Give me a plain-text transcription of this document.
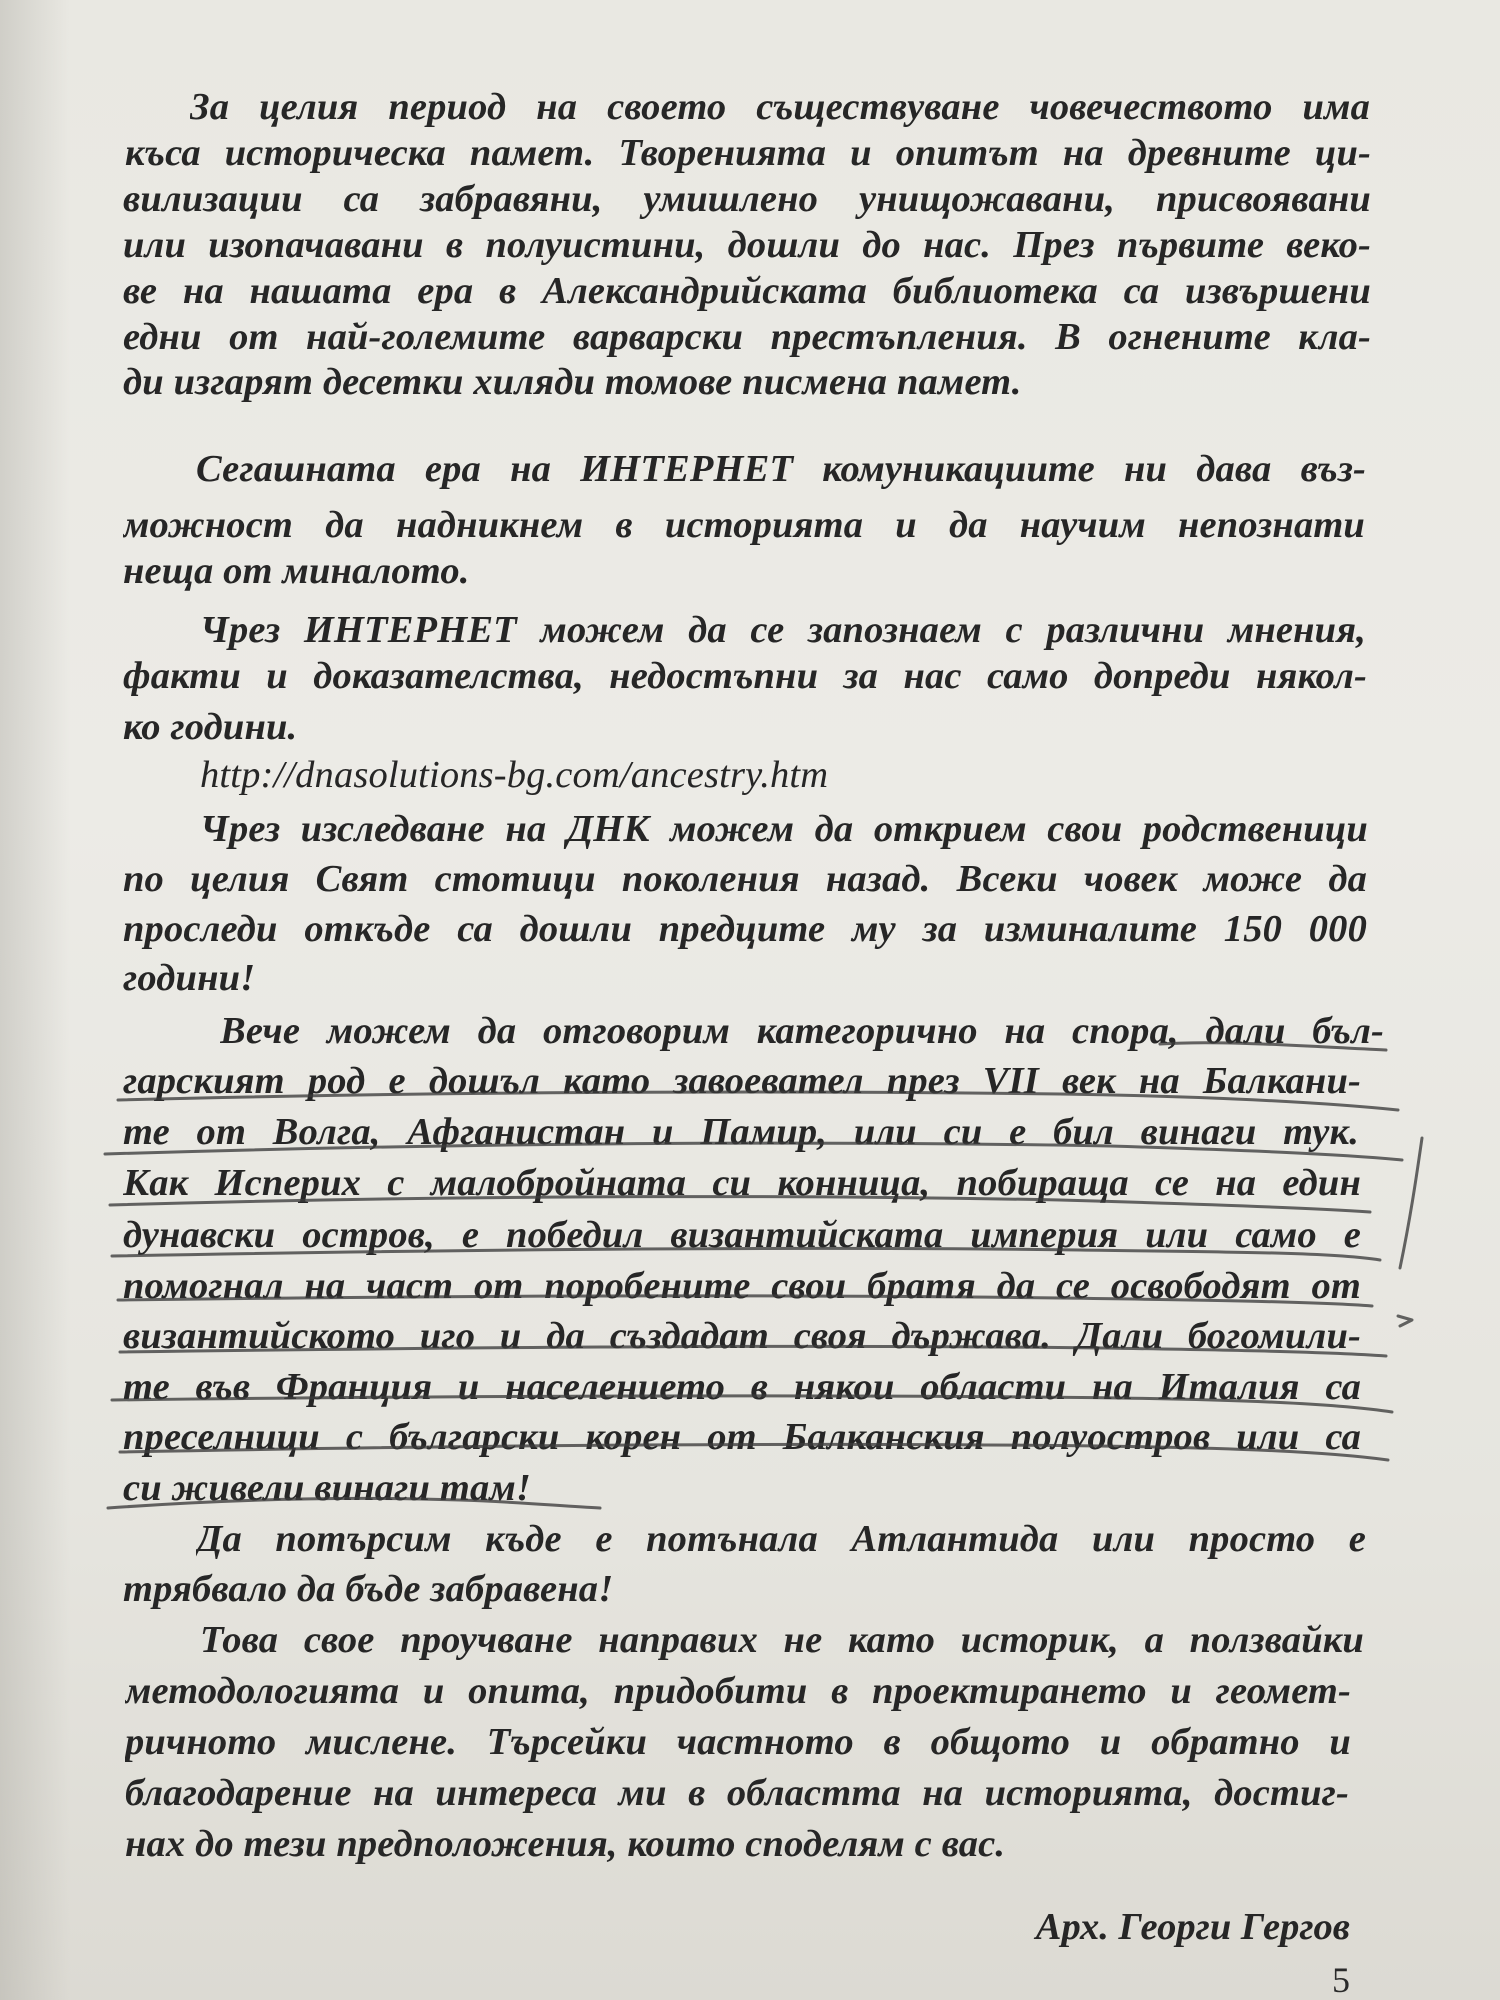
За целия период на своето съществуване човечеството има

къса историческа памет. Творенията и опитът на древните ци-

вилизации са забравяни, умишлено унищожавани, присвоявани

или изопачавани в полуистини, дошли до нас. През първите веко-

ве на нашата ера в Александрийската библиотека са извършени

едни от най-големите варварски престъпления. В огнените кла-

ди изгарят десетки хиляди томове писмена памет.

Сегашната ера на ИНТЕРНЕТ комуникациите ни дава въз-

можност да надникнем в историята и да научим непознати

неща от миналото.

Чрез ИНТЕРНЕТ можем да се запознаем с различни мнения,

факти и доказателства, недостъпни за нас само допреди някол-

ко години.

http://dnasolutions-bg.com/ancestry.htm

Чрез изследване на ДНК можем да открием свои родственици

по целия Свят стотици поколения назад. Всеки човек може да

проследи откъде са дошли предците му за изминалите 150 000

години!

Вече можем да отговорим категорично на спора, дали бъл-

гарският род е дошъл като завоевател през VII век на Балкани-

те от Волга, Афганистан и Памир, или си е бил винаги тук.

Как Исперих с малобройната си конница, побираща се на един

дунавски остров, е победил византийската империя или само е

помогнал на част от поробените свои братя да се освободят от

византийското иго и да създадат своя държава. Дали богомили-

те във Франция и населението в някои области на Италия са

преселници с български корен от Балканския полуостров или са

си живели винаги там!

Да потърсим къде е потънала Атлантида или просто е

трябвало да бъде забравена!

Това свое проучване направих не като историк, а ползвайки

методологията и опита, придобити в проектирането и геомет-

ричното мислене. Търсейки частното в общото и обратно и

благодарение на интереса ми в областта на историята, достиг-

нах до тези предположения, които споделям с вас.

Арх. Георги Гергов

5
